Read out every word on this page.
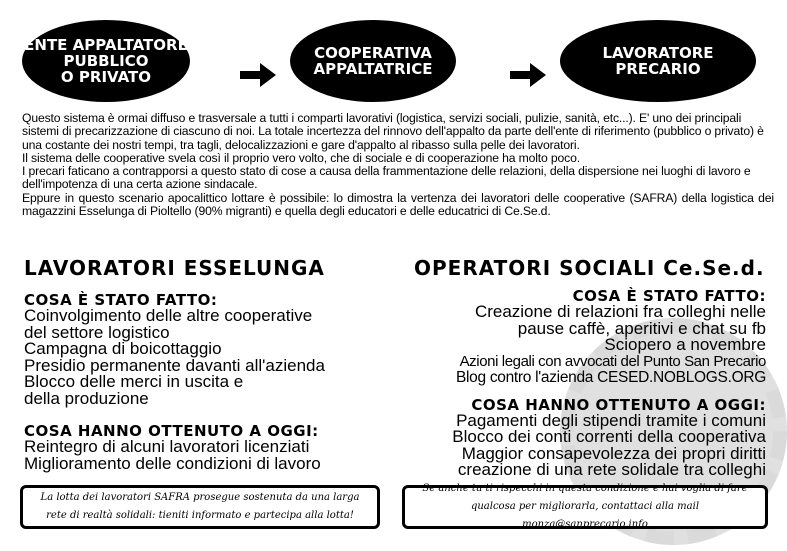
ENTE APPALTATORE
PUBBLICO
O PRIVATO
COOPERATIVA
APPALTATRICE
LAVORATORE
PRECARIO

Questo sistema è ormai diffuso e trasversale a tutti i comparti lavorativi (logistica, servizi sociali, pulizie, sanità, etc...). E' uno dei principali sistemi di precarizzazione di ciascuno di noi. La totale incertezza del rinnovo dell'appalto da parte dell'ente di riferimento (pubblico o privato) è una costante dei nostri tempi, tra tagli, delocalizzazioni e gare d'appalto al ribasso sulla pelle dei lavoratori.

Il sistema delle cooperative svela così il proprio vero volto, che di sociale e di cooperazione ha molto poco.

I precari faticano a contrapporsi a questo stato di cose a causa della frammentazione delle relazioni, della dispersione nei luoghi di lavoro e dell'impotenza di una certa azione sindacale.

Eppure in questo scenario apocalittico lottare è possibile: lo dimostra la vertenza dei lavoratori delle cooperative (SAFRA) della logistica dei magazzini Esselunga di Pioltello (90% migranti) e quella degli educatori e delle educatrici di Ce.Se.d.

LAVORATORI ESSELUNGA
COSA È STATO FATTO:
Coinvolgimento delle altre cooperative
del settore logistico
Campagna di boicottaggio
Presidio permanente davanti all'azienda
Blocco delle merci in uscita e
della produzione
COSA HANNO OTTENUTO A OGGI:
Reintegro di alcuni lavoratori licenziati
Miglioramento delle condizioni di lavoro
OPERATORI SOCIALI Ce.Se.d.
COSA È STATO FATTO:
Creazione di relazioni fra colleghi nelle
pause caffè, aperitivi e chat su fb
Sciopero a novembre
Azioni legali con avvocati del Punto San Precario
Blog contro l'azienda CESED.NOBLOGS.ORG
COSA HANNO OTTENUTO A OGGI:
Pagamenti degli stipendi tramite i comuni
Blocco dei conti correnti della cooperativa
Maggior consapevolezza dei propri diritti
creazione di una rete solidale tra colleghi
La lotta dei lavoratori SAFRA prosegue sostenuta da una larga rete di realtà solidali: tieniti informato e partecipa alla lotta!
Se anche tu ti rispecchi in questa condizione e hai voglia di fare qualcosa per migliorarla, contattaci alla mail monza@sanprecario.info
